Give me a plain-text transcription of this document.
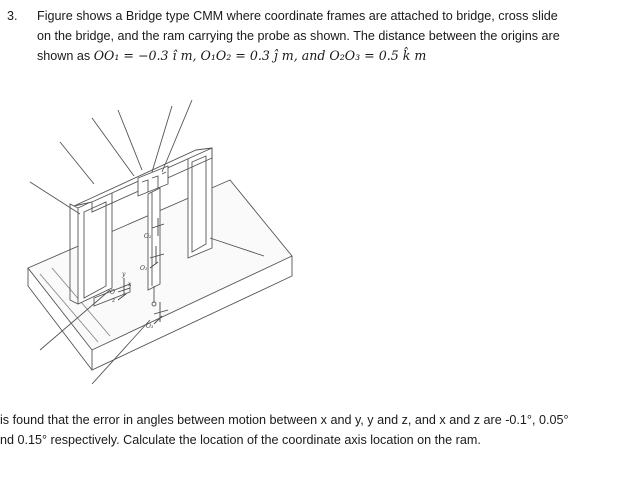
3. Figure shows a Bridge type CMM where coordinate frames are attached to bridge, cross slide
on the bridge, and the ram carrying the probe as shown. The distance between the origins are
shown as OO₁ = −0.3 î m, O₁O₂ = 0.3 ĵ m, and O₂O₃ = 0.5 k̂ m
x
y
z
O₁
O₂
O₃
O
is found that the error in angles between motion between x and y, y and z, and x and z are -0.1°, 0.05°
nd 0.15° respectively. Calculate the location of the coordinate axis location on the ram.
